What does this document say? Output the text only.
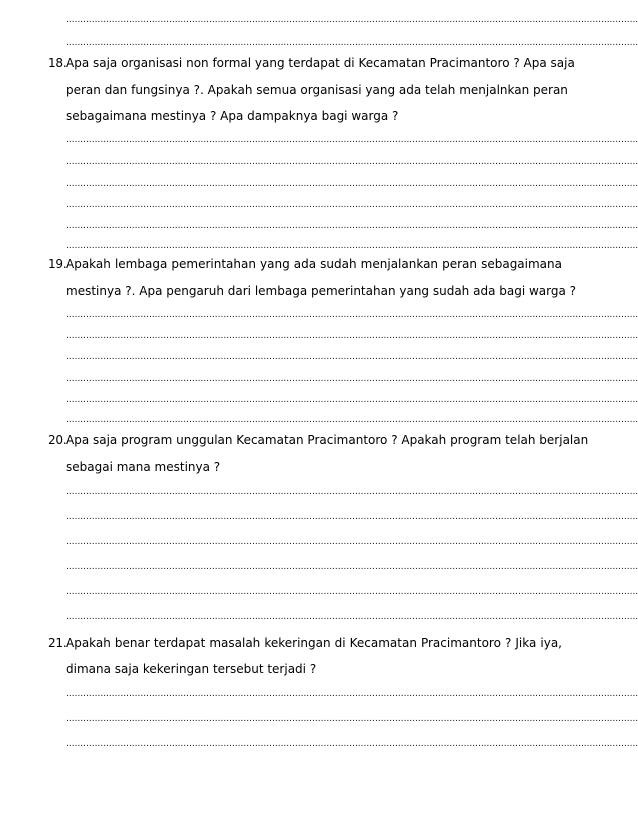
........................................................................................................................................................................................................
........................................................................................................................................................................................................
18. Apa saja organisasi non formal yang terdapat di Kecamatan Pracimantoro ? Apa saja
peran dan fungsinya ?. Apakah semua organisasi yang ada telah menjalnkan peran
sebagaimana mestinya ? Apa dampaknya bagi warga ?
........................................................................................................................................................................................................
........................................................................................................................................................................................................
........................................................................................................................................................................................................
........................................................................................................................................................................................................
........................................................................................................................................................................................................
........................................................................................................................................................................................................
19. Apakah lembaga pemerintahan yang ada sudah menjalankan peran sebagaimana
mestinya ?. Apa pengaruh dari lembaga pemerintahan yang sudah ada bagi warga ?
........................................................................................................................................................................................................
........................................................................................................................................................................................................
........................................................................................................................................................................................................
........................................................................................................................................................................................................
........................................................................................................................................................................................................
........................................................................................................................................................................................................
20. Apa saja program unggulan Kecamatan Pracimantoro ? Apakah program telah berjalan
sebagai mana mestinya ?
........................................................................................................................................................................................................
........................................................................................................................................................................................................
........................................................................................................................................................................................................
........................................................................................................................................................................................................
........................................................................................................................................................................................................
........................................................................................................................................................................................................
21. Apakah benar terdapat masalah kekeringan di Kecamatan Pracimantoro ? Jika iya,
dimana saja kekeringan tersebut terjadi ?
........................................................................................................................................................................................................
........................................................................................................................................................................................................
........................................................................................................................................................................................................
